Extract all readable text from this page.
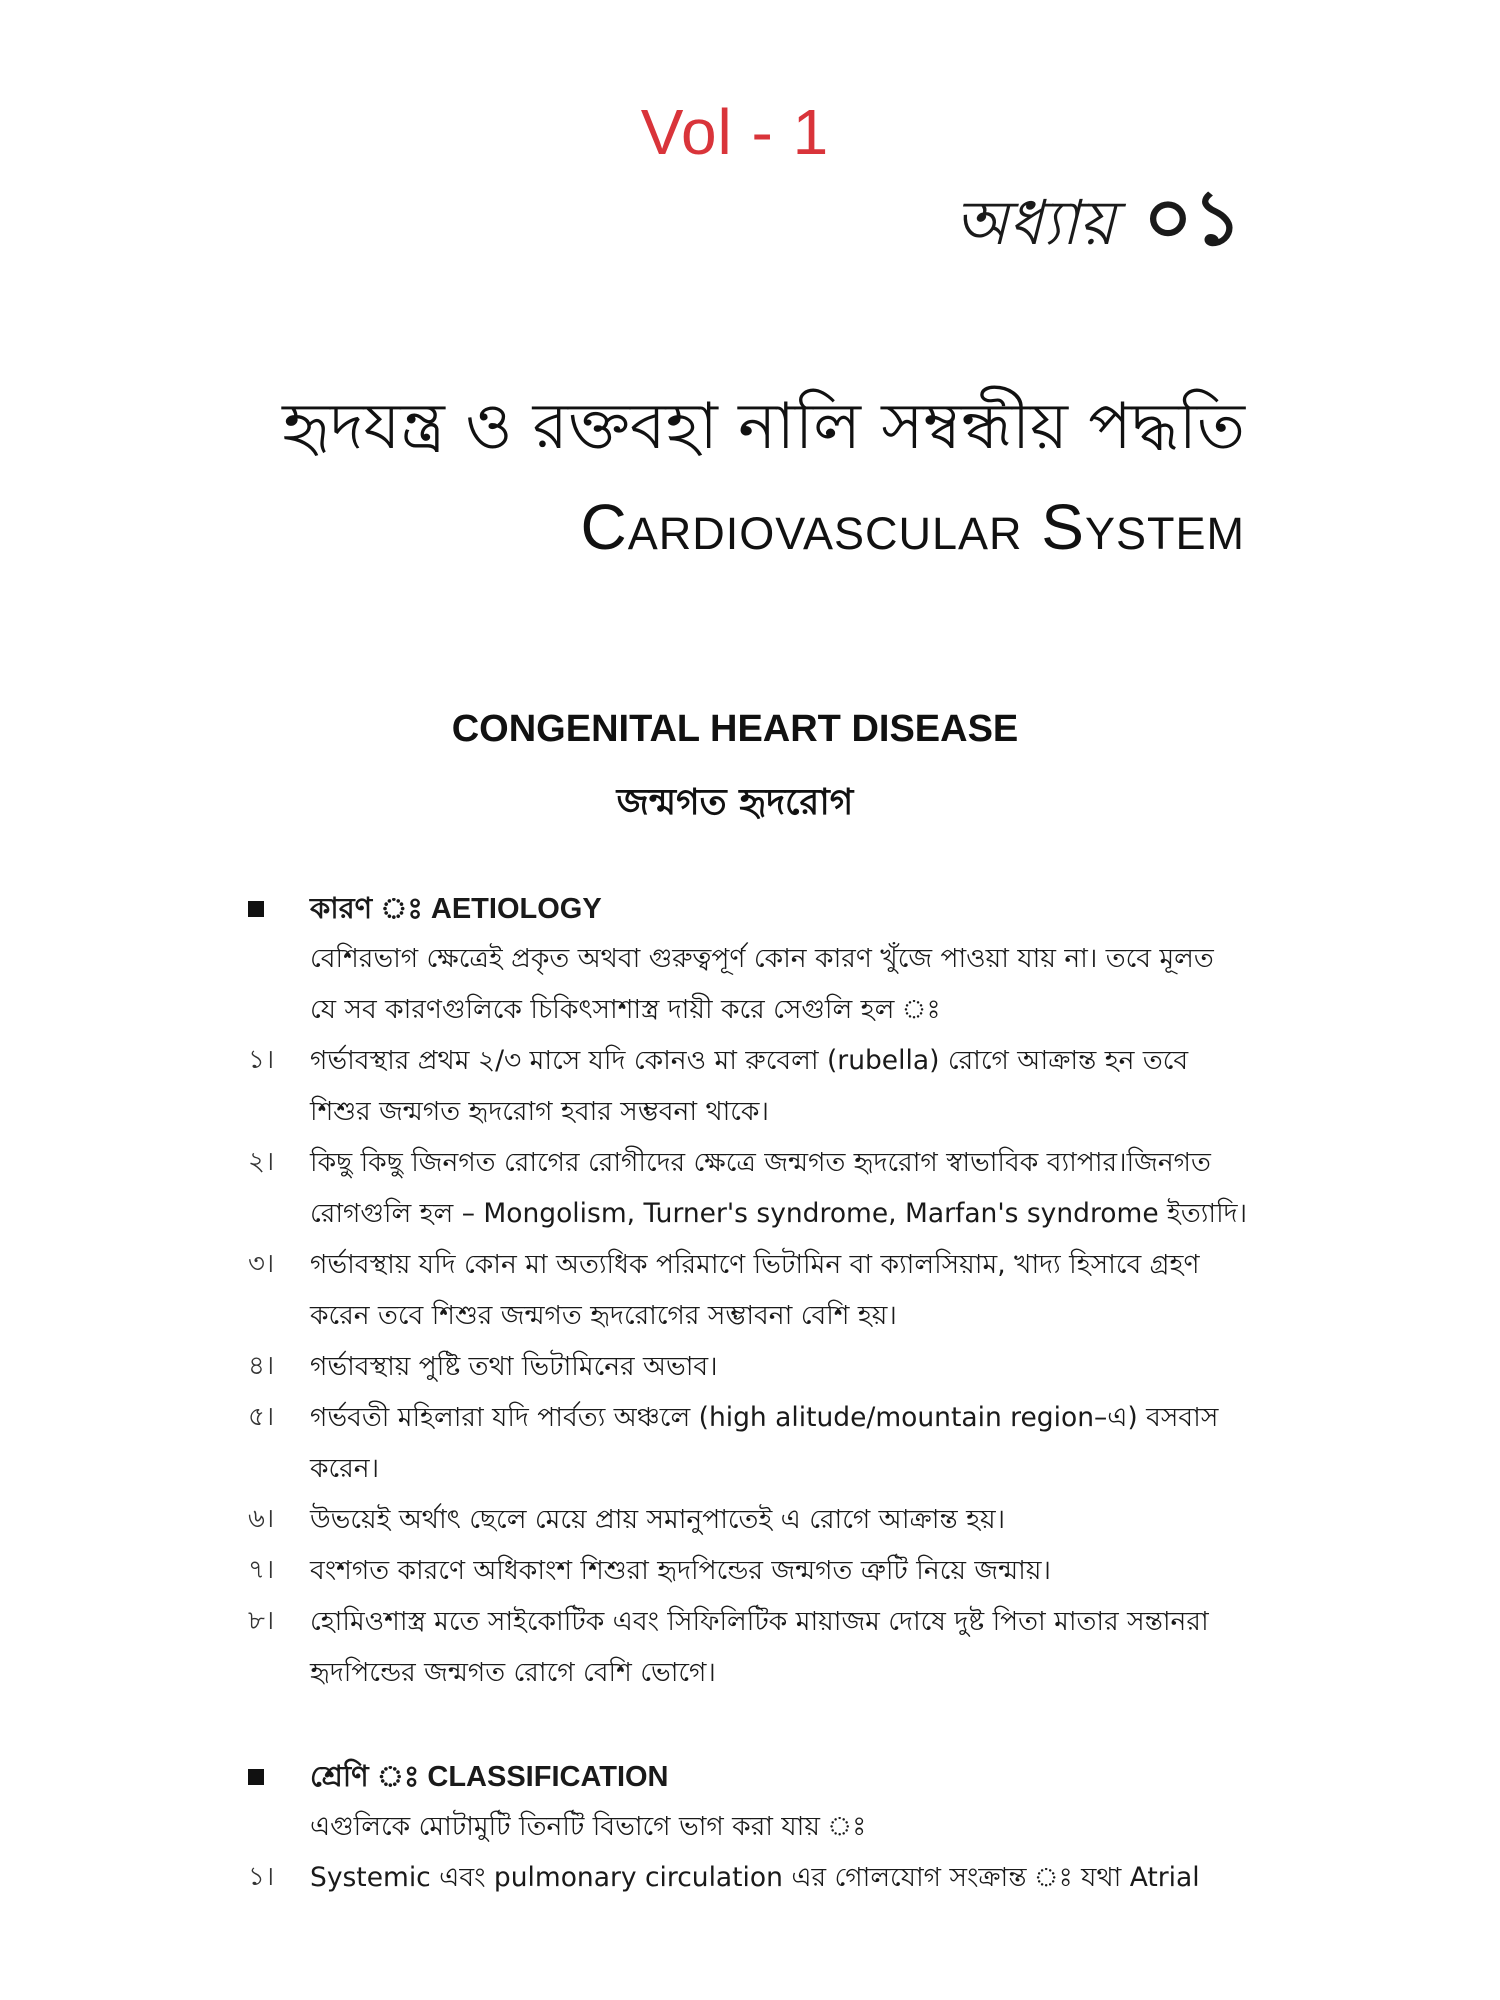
Vol - 1
অধ্যায় ০১
হৃদযন্ত্র ও রক্তবহা নালি সম্বন্ধীয় পদ্ধতি
Cardiovascular System
CONGENITAL HEART DISEASE
জন্মগত হৃদরোগ
কারণ ঃ AETIOLOGY
বেশিরভাগ ক্ষেত্রেই প্রকৃত অথবা গুরুত্বপূর্ণ কোন কারণ খুঁজে পাওয়া যায় না। তবে মূলত যে সব কারণগুলিকে চিকিৎসাশাস্ত্র দায়ী করে সেগুলি হল ঃ
১।	গর্ভাবস্থার প্রথম ২/৩ মাসে যদি কোনও মা রুবেলা (rubella) রোগে আক্রান্ত হন তবে শিশুর জন্মগত হৃদরোগ হবার সম্ভবনা থাকে।
২।	কিছু কিছু জিনগত রোগের রোগীদের ক্ষেত্রে জন্মগত হৃদরোগ স্বাভাবিক ব্যাপার।জিনগত রোগগুলি হল – Mongolism, Turner's syndrome, Marfan's syndrome ইত্যাদি।
৩।	গর্ভাবস্থায় যদি কোন মা অত্যধিক পরিমাণে ভিটামিন বা ক্যালসিয়াম, খাদ্য হিসাবে গ্রহণ করেন তবে শিশুর জন্মগত হৃদরোগের সম্ভাবনা বেশি হয়।
৪।	গর্ভাবস্থায় পুষ্টি তথা ভিটামিনের অভাব।
৫।	গর্ভবতী মহিলারা যদি পার্বত্য অঞ্চলে (high alitude/mountain region–এ) বসবাস করেন।
৬।	উভয়েই অর্থাৎ ছেলে মেয়ে প্রায় সমানুপাতেই এ রোগে আক্রান্ত হয়।
৭।	বংশগত কারণে অধিকাংশ শিশুরা হৃদপিন্ডের জন্মগত ত্রুটি নিয়ে জন্মায়।
৮।	হোমিওশাস্ত্র মতে সাইকোটিক এবং সিফিলিটিক মায়াজম দোষে দুষ্ট পিতা মাতার সন্তানরা হৃদপিন্ডের জন্মগত রোগে বেশি ভোগে।
শ্রেণি ঃ CLASSIFICATION
এগুলিকে মোটামুটি তিনটি বিভাগে ভাগ করা যায় ঃ
১।	Systemic এবং pulmonary circulation এর গোলযোগ সংক্রান্ত ঃ যথা Atrial
